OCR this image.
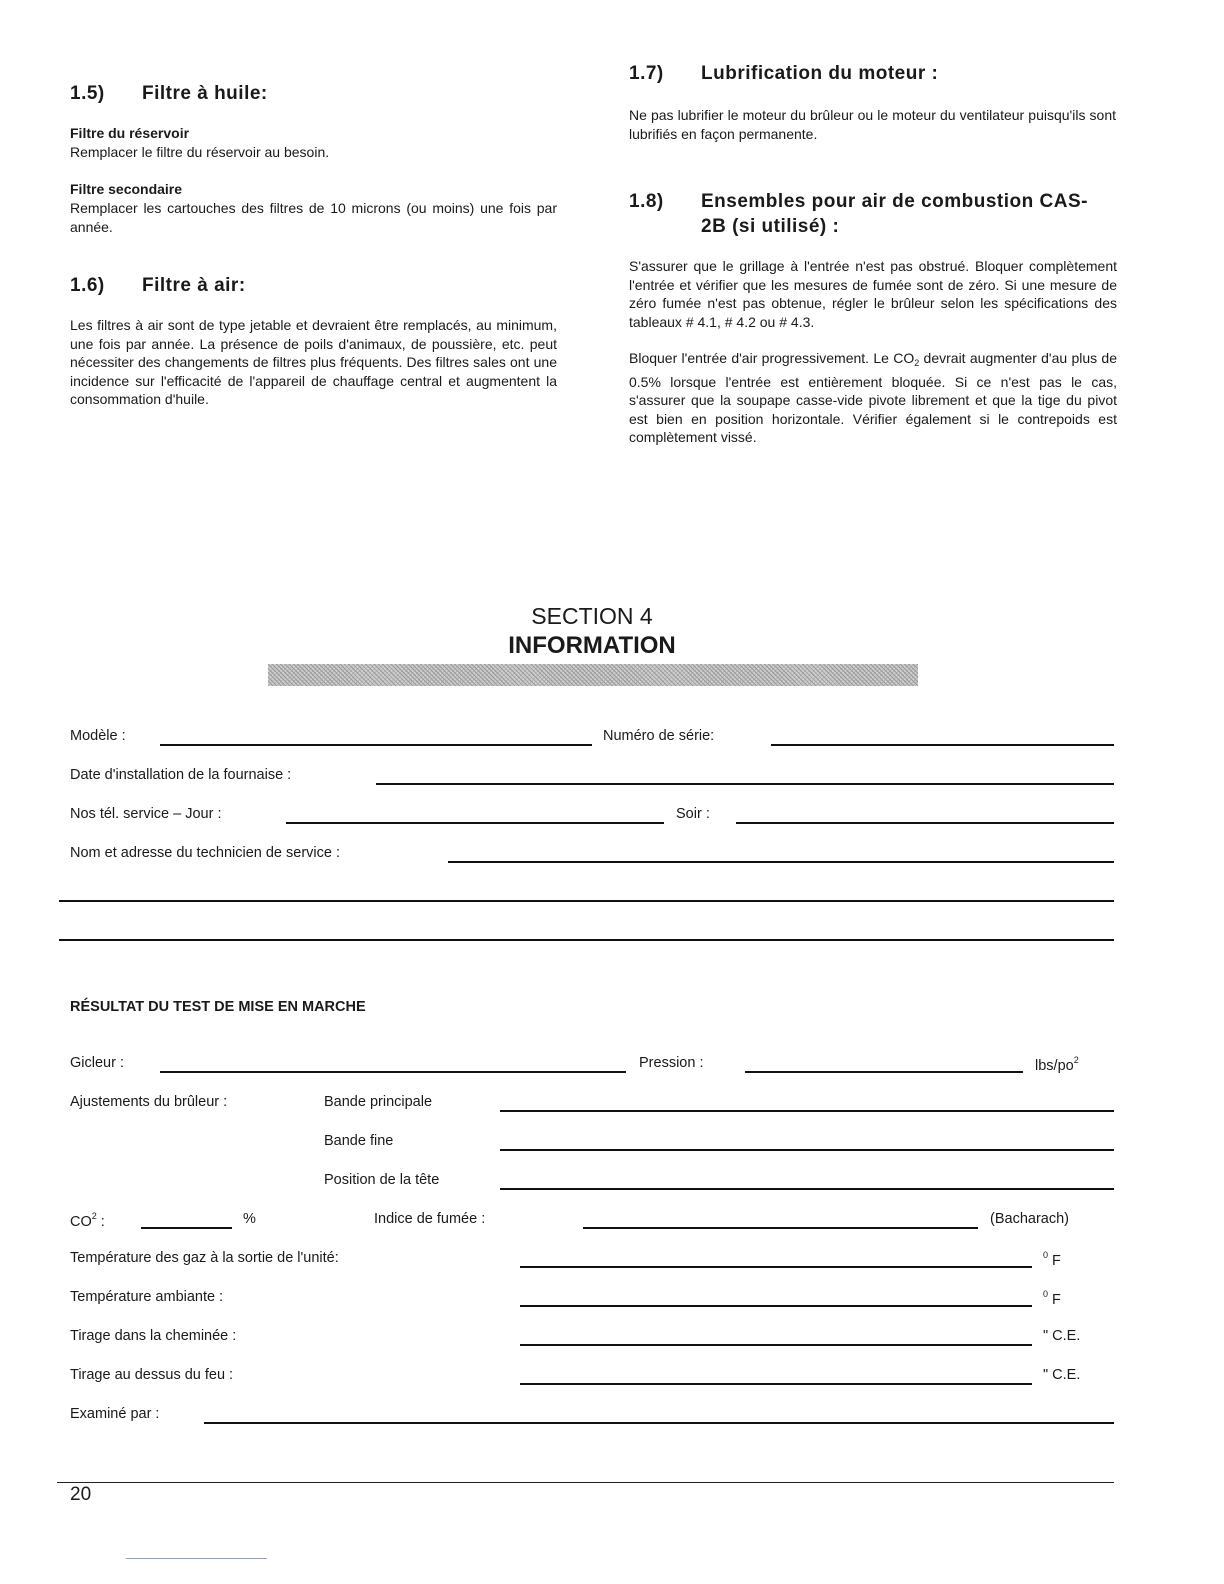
1.5) Filtre à huile:
Filtre du réservoir
Remplacer le filtre du réservoir au besoin.
Filtre secondaire
Remplacer les cartouches des filtres de 10 microns (ou moins) une fois par année.
1.6) Filtre à air:
Les filtres à air sont de type jetable et devraient être remplacés, au minimum, une fois par année. La présence de poils d'animaux, de poussière, etc. peut nécessiter des changements de filtres plus fréquents. Des filtres sales ont une incidence sur l'efficacité de l'appareil de chauffage central et augmentent la consommation d'huile.
1.7) Lubrification du moteur :
Ne pas lubrifier le moteur du brûleur ou le moteur du ventilateur puisqu'ils sont lubrifiés en façon permanente.
1.8) Ensembles pour air de combustion CAS-
2B (si utilisé) :
S'assurer que le grillage à l'entrée n'est pas obstrué. Bloquer complètement l'entrée et vérifier que les mesures de fumée sont de zéro. Si une mesure de zéro fumée n'est pas obtenue, régler le brûleur selon les spécifications des tableaux # 4.1, # 4.2 ou # 4.3.
Bloquer l'entrée d'air progressivement. Le $CO_2$ devrait augmenter d'au plus de 0.5% lorsque l'entrée est entièrement bloquée. Si ce n'est pas le cas, s'assurer que la soupape casse-vide pivote librement et que la tige du pivot est bien en position horizontale. Vérifier également si le contrepoids est complètement vissé.
SECTION 4
INFORMATION
Modèle :	Numéro de série:
Date d'installation de la fournaise :
Nos tél. service – Jour :	Soir :
Nom et adresse du technicien de service :
RÉSULTAT DU TEST DE MISE EN MARCHE
Gicleur :	Pression :	lbs/$po^2$
Ajustements du brûleur :	Bande principale
Bande fine
Position de la tête
$CO^2$ :	%	Indice de fumée :	(Bacharach)
Température des gaz à la sortie de l'unité:	$^0$ F
Température ambiante :	$^0$ F
Tirage dans la cheminée :	" C.E.
Tirage au dessus du feu :	" C.E.
Examiné par :
20
